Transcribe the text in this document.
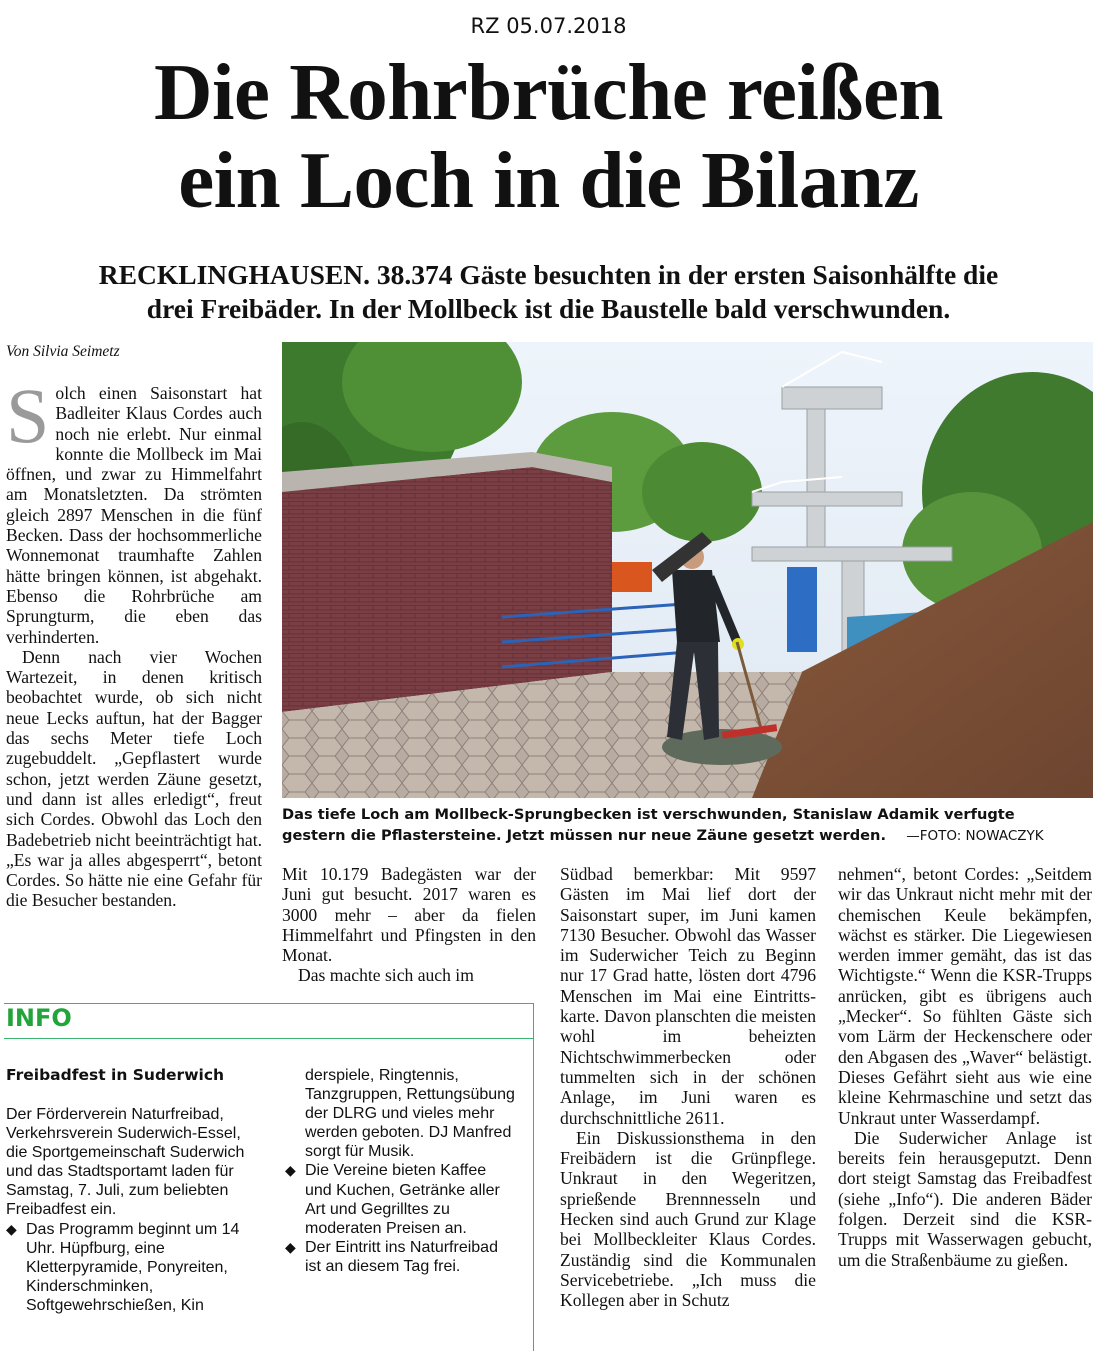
RZ 05.07.2018
Die Rohrbrüche reißen
ein Loch in die Bilanz

RECKLINGHAUSEN. 38.374 Gäste besuchten in der ersten Saisonhälfte die
drei Freibäder. In der Mollbeck ist die Baustelle bald verschwunden.

Von Silvia Seimetz

Solch einen Saisonstart hat Badleiter Klaus Cordes auch noch nie erlebt. Nur einmal konnte die Mollbeck im Mai öffnen, und zwar zu Himmelfahrt am Monatsletzten. Da strömten gleich 2897 Menschen in die fünf Becken. Dass der hochsommerliche Wonnemonat traumhafte Zahlen hätte bringen können, ist abgehakt. Ebenso die Rohrbrüche am Sprungturm, die eben das verhinderten.

Denn nach vier Wochen Wartezeit, in denen kritisch beobachtet wurde, ob sich nicht neue Lecks auftun, hat der Bagger das sechs Meter tiefe Loch zugebuddelt. „Gepflastert wurde schon, jetzt werden Zäune gesetzt, und dann ist alles erledigt“, freut sich Cordes. Obwohl das Loch den Badebetrieb nicht beeinträchtigt hat. „Es war ja alles abgesperrt“, betont Cordes. So hätte nie eine Gefahr für die Besucher bestanden.

Das tiefe Loch am Mollbeck-Sprungbecken ist verschwunden, Stanislaw Adamik verfugte
gestern die Pflastersteine. Jetzt müssen nur neue Zäune gesetzt werden. —FOTO: NOWACZYK

Mit 10.179 Badegästen war der Juni gut besucht. 2017 waren es 3000 mehr – aber da fielen Himmelfahrt und Pfingsten in den Monat.

Das machte sich auch im

Südbad bemerkbar: Mit 9597 Gästen im Mai lief dort der Saisonstart super, im Juni kamen 7130 Besucher. Obwohl das Wasser im Suderwicher Teich zu Beginn nur 17 Grad hatte, lösten dort 4796 Menschen im Mai eine Eintrittskarte. Davon planschten die meisten wohl im beheizten Nichtschwimmerbecken oder tummelten sich in der schönen Anlage, im Juni waren es durchschnittliche 2611.

Ein Diskussionsthema in den Freibädern ist die Grünpflege. Unkraut in den Wegeritzen, sprießende Brennnesseln und Hecken sind auch Grund zur Klage bei Mollbeckleiter Klaus Cordes. Zuständig sind die Kommunalen Servicebetriebe. „Ich muss die Kollegen aber in Schutz

nehmen“, betont Cordes: „Seitdem wir das Unkraut nicht mehr mit der chemischen Keule bekämpfen, wächst es stärker. Die Liegewiesen werden immer gemäht, das ist das Wichtigste.“ Wenn die KSR-Trupps anrücken, gibt es übrigens auch „Mecker“. So fühlten Gäste sich vom Lärm der Heckenschere oder den Abgasen des „Waver“ belästigt. Dieses Gefährt sieht aus wie eine kleine Kehrmaschine und setzt das Unkraut unter Wasserdampf.

Die Suderwicher Anlage ist bereits fein herausgeputzt. Denn dort steigt Samstag das Freibadfest (siehe „Info“). Die anderen Bäder folgen. Derzeit sind die KSR-Trupps mit Wasserwagen gebucht, um die Straßenbäume zu gießen.

INFO
Freibadfest in Suderwich

Der Förderverein Naturfreibad, Verkehrsverein Suderwich-Essel, die Sportgemeinschaft Suderwich und das Stadtsportamt laden für Samstag, 7. Juli, zum beliebten Freibadfest ein.

◆ Das Programm beginnt um 14 Uhr. Hüpfburg, eine Kletterpyramide, Ponyreiten, Kinderschminken, Softgewehrschießen, Kin

derspiele, Ringtennis, Tanzgruppen, Rettungsübung der DLRG und vieles mehr werden geboten. DJ Manfred sorgt für Musik.

◆ Die Vereine bieten Kaffee und Kuchen, Getränke aller Art und Gegrilltes zu moderaten Preisen an.

◆ Der Eintritt ins Naturfreibad ist an diesem Tag frei.
